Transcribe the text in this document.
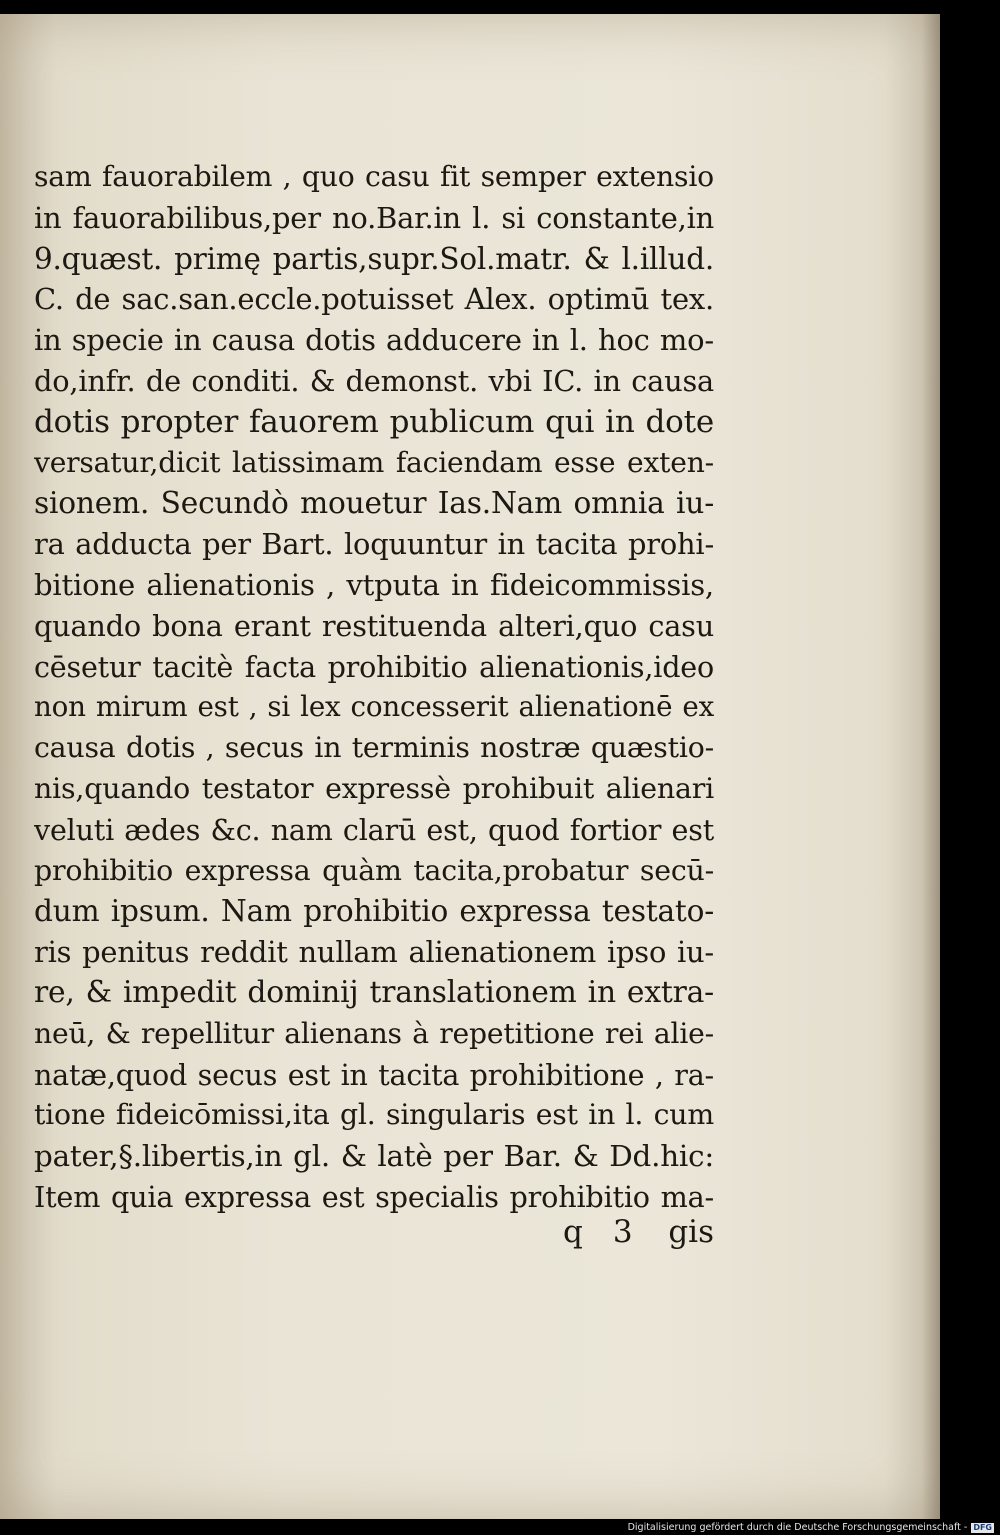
sam fauorabilem , quo casu fit semper extensio
in fauorabilibus,per no.Bar.in l. si constante,in
9.quæst. primę partis,supr.Sol.matr. & l.illud.
C. de sac.san.eccle.potuisset Alex. optimū tex.
in specie in causa dotis adducere in l. hoc mo-
do,infr. de conditi. & demonst. vbi IC. in causa
dotis propter fauorem publicum qui in dote
versatur,dicit latissimam faciendam esse exten-
sionem. Secundò mouetur Ias.Nam omnia iu-
ra adducta per Bart. loquuntur in tacita prohi-
bitione alienationis , vtputa in fideicommissis,
quando bona erant restituenda alteri,quo casu
cēsetur tacitè facta prohibitio alienationis,ideo
non mirum est , si lex concesserit alienationē ex
causa dotis , secus in terminis nostræ quæstio-
nis,quando testator expressè prohibuit alienari
veluti ædes &c. nam clarū est, quod fortior est
prohibitio expressa quàm tacita,probatur secū-
dum ipsum. Nam prohibitio expressa testato-
ris penitus reddit nullam alienationem ipso iu-
re, & impedit dominij translationem in extra-
neū, & repellitur alienans à repetitione rei alie-
natæ,quod secus est in tacita prohibitione , ra-
tione fideicōmissi,ita gl. singularis est in l. cum
pater,§.libertis,in gl. & latè per Bar. & Dd.hic:
Item quia expressa est specialis prohibitio ma-
q 3 gis
Digitalisierung gefördert durch die Deutsche Forschungsgemeinschaft - DFG
